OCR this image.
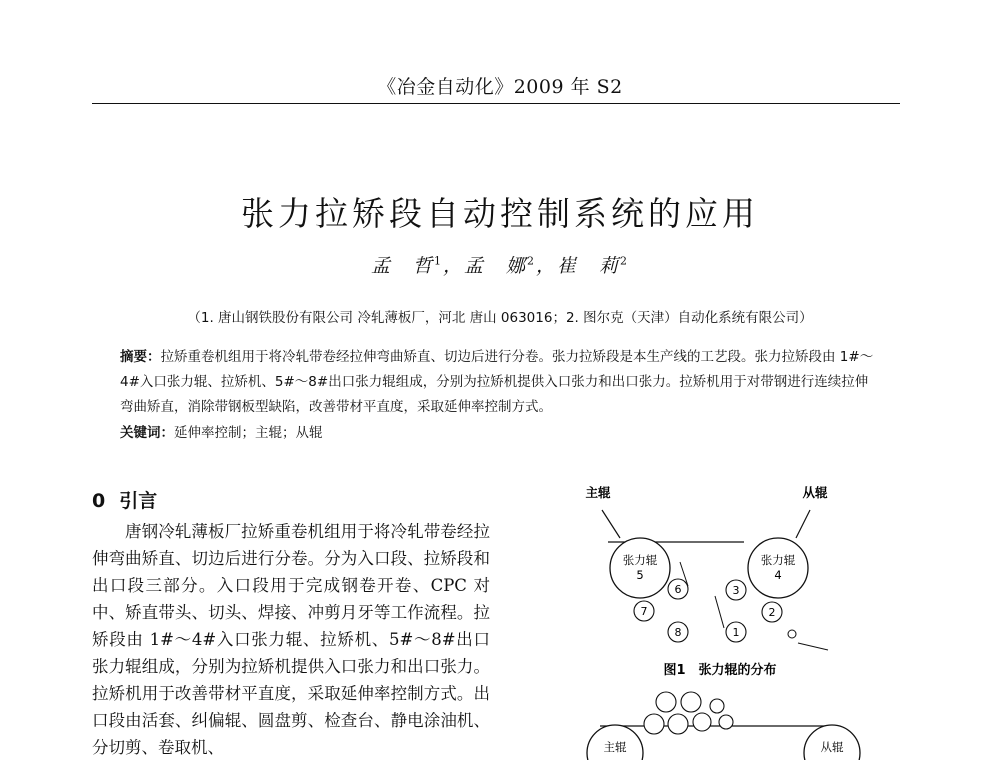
《冶金自动化》2009 年 S2
张力拉矫段自动控制系统的应用
孟　哲$^1$，孟　娜$^2$，崔　莉$^2$
（1. 唐山钢铁股份有限公司 冷轧薄板厂，河北 唐山 063016；2. 图尔克（天津）自动化系统有限公司）
摘要：拉矫重卷机组用于将冷轧带卷经拉伸弯曲矫直、切边后进行分卷。张力拉矫段是本生产线的工艺段。张力拉矫段由 1#～4#入口张力辊、拉矫机、5#～8#出口张力辊组成，分别为拉矫机提供入口张力和出口张力。拉矫机用于对带钢进行连续拉伸弯曲矫直，消除带钢板型缺陷，改善带材平直度，采取延伸率控制方式。
关键词：延伸率控制；主辊；从辊
0 引言
唐钢冷轧薄板厂拉矫重卷机组用于将冷轧带卷经拉伸弯曲矫直、切边后进行分卷。分为入口段、拉矫段和出口段三部分。入口段用于完成钢卷开卷、CPC 对中、矫直带头、切头、焊接、冲剪月牙等工作流程。拉矫段由 1#～4#入口张力辊、拉矫机、5#～8#出口张力辊组成，分别为拉矫机提供入口张力和出口张力。拉矫机用于改善带材平直度，采取延伸率控制方式。出口段由活套、纠偏辊、圆盘剪、检查台、静电涂油机、分切剪、卷取机、
主辊	从辊
张力辊
5
张力辊
4
6
7
8
3
2
1
图1　张力辊的分布
主辊	从辊
